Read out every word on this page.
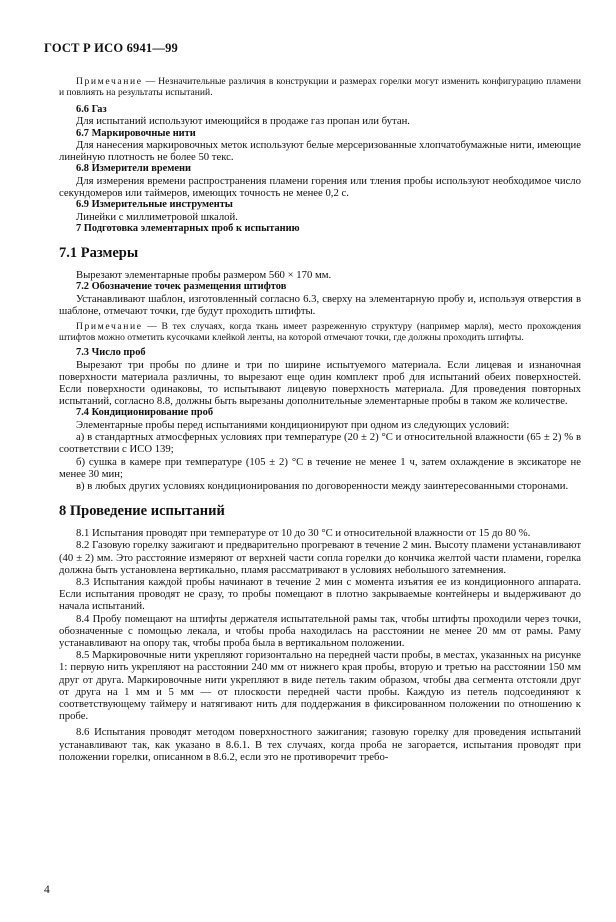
ГОСТ Р ИСО 6941—99

Примечание — Незначительные различия в конструкции и размерах горелки могут изменить конфигурацию пламени и повлиять на результаты испытаний.

6.6 Газ

Для испытаний используют имеющийся в продаже газ пропан или бутан.

6.7 Маркировочные нити

Для нанесения маркировочных меток используют белые мерсеризованные хлопчатобумажные нити, имеющие линейную плотность не более 50 текс.

6.8 Измерители времени

Для измерения времени распространения пламени горения или тления пробы используют необходимое число секундомеров или таймеров, имеющих точность не менее 0,2 с.

6.9 Измерительные инструменты

Линейки с миллиметровой шкалой.

7 Подготовка элементарных проб к испытанию
7.1 Размеры

Вырезают элементарные пробы размером 560 × 170 мм.

7.2 Обозначение точек размещения штифтов

Устанавливают шаблон, изготовленный согласно 6.3, сверху на элементарную пробу и, используя отверстия в шаблоне, отмечают точки, где будут проходить штифты.

Примечание — В тех случаях, когда ткань имеет разреженную структуру (например марля), место прохождения штифтов можно отметить кусочками клейкой ленты, на которой отмечают точки, где должны проходить штифты.

7.3 Число проб

Вырезают три пробы по длине и три по ширине испытуемого материала. Если лицевая и изнаночная поверхности материала различны, то вырезают еще один комплект проб для испытаний обеих поверхностей. Если поверхности одинаковы, то испытывают лицевую поверхность материала. Для проведения повторных испытаний, согласно 8.8, должны быть вырезаны дополнительные элементарные пробы в таком же количестве.

7.4 Кондиционирование проб

Элементарные пробы перед испытаниями кондиционируют при одном из следующих условий:

а) в стандартных атмосферных условиях при температуре (20 ± 2) °С и относительной влажности (65 ± 2) % в соответствии с ИСО 139;

б) сушка в камере при температуре (105 ± 2) °С в течение не менее 1 ч, затем охлаждение в эксикаторе не менее 30 мин;

в) в любых других условиях кондиционирования по договоренности между заинтересованными сторонами.

8 Проведение испытаний

8.1 Испытания проводят при температуре от 10 до 30 °С и относительной влажности от 15 до 80 %.

8.2 Газовую горелку зажигают и предварительно прогревают в течение 2 мин. Высоту пламени устанавливают (40 ± 2) мм. Это расстояние измеряют от верхней части сопла горелки до кончика желтой части пламени, горелка должна быть установлена вертикально, пламя рассматривают в условиях небольшого затемнения.

8.3 Испытания каждой пробы начинают в течение 2 мин с момента изъятия ее из кондиционного аппарата. Если испытания проводят не сразу, то пробы помещают в плотно закрываемые контейнеры и выдерживают до начала испытаний.

8.4 Пробу помещают на штифты держателя испытательной рамы так, чтобы штифты проходили через точки, обозначенные с помощью лекала, и чтобы проба находилась на расстоянии не менее 20 мм от рамы. Раму устанавливают на опору так, чтобы проба была в вертикальном положении.

8.5 Маркировочные нити укрепляют горизонтально на передней части пробы, в местах, указанных на рисунке 1: первую нить укрепляют на расстоянии 240 мм от нижнего края пробы, вторую и третью на расстоянии 150 мм друг от друга. Маркировочные нити укрепляют в виде петель таким образом, чтобы два сегмента отстояли друг от друга на 1 мм и 5 мм — от плоскости передней части пробы. Каждую из петель подсоединяют к соответствующему таймеру и натягивают нить для поддержания в фиксированном положении по отношению к пробе.

8.6 Испытания проводят методом поверхностного зажигания; газовую горелку для проведения испытаний устанавливают так, как указано в 8.6.1. В тех случаях, когда проба не загорается, испытания проводят при положении горелки, описанном в 8.6.2, если это не противоречит требо-

4
